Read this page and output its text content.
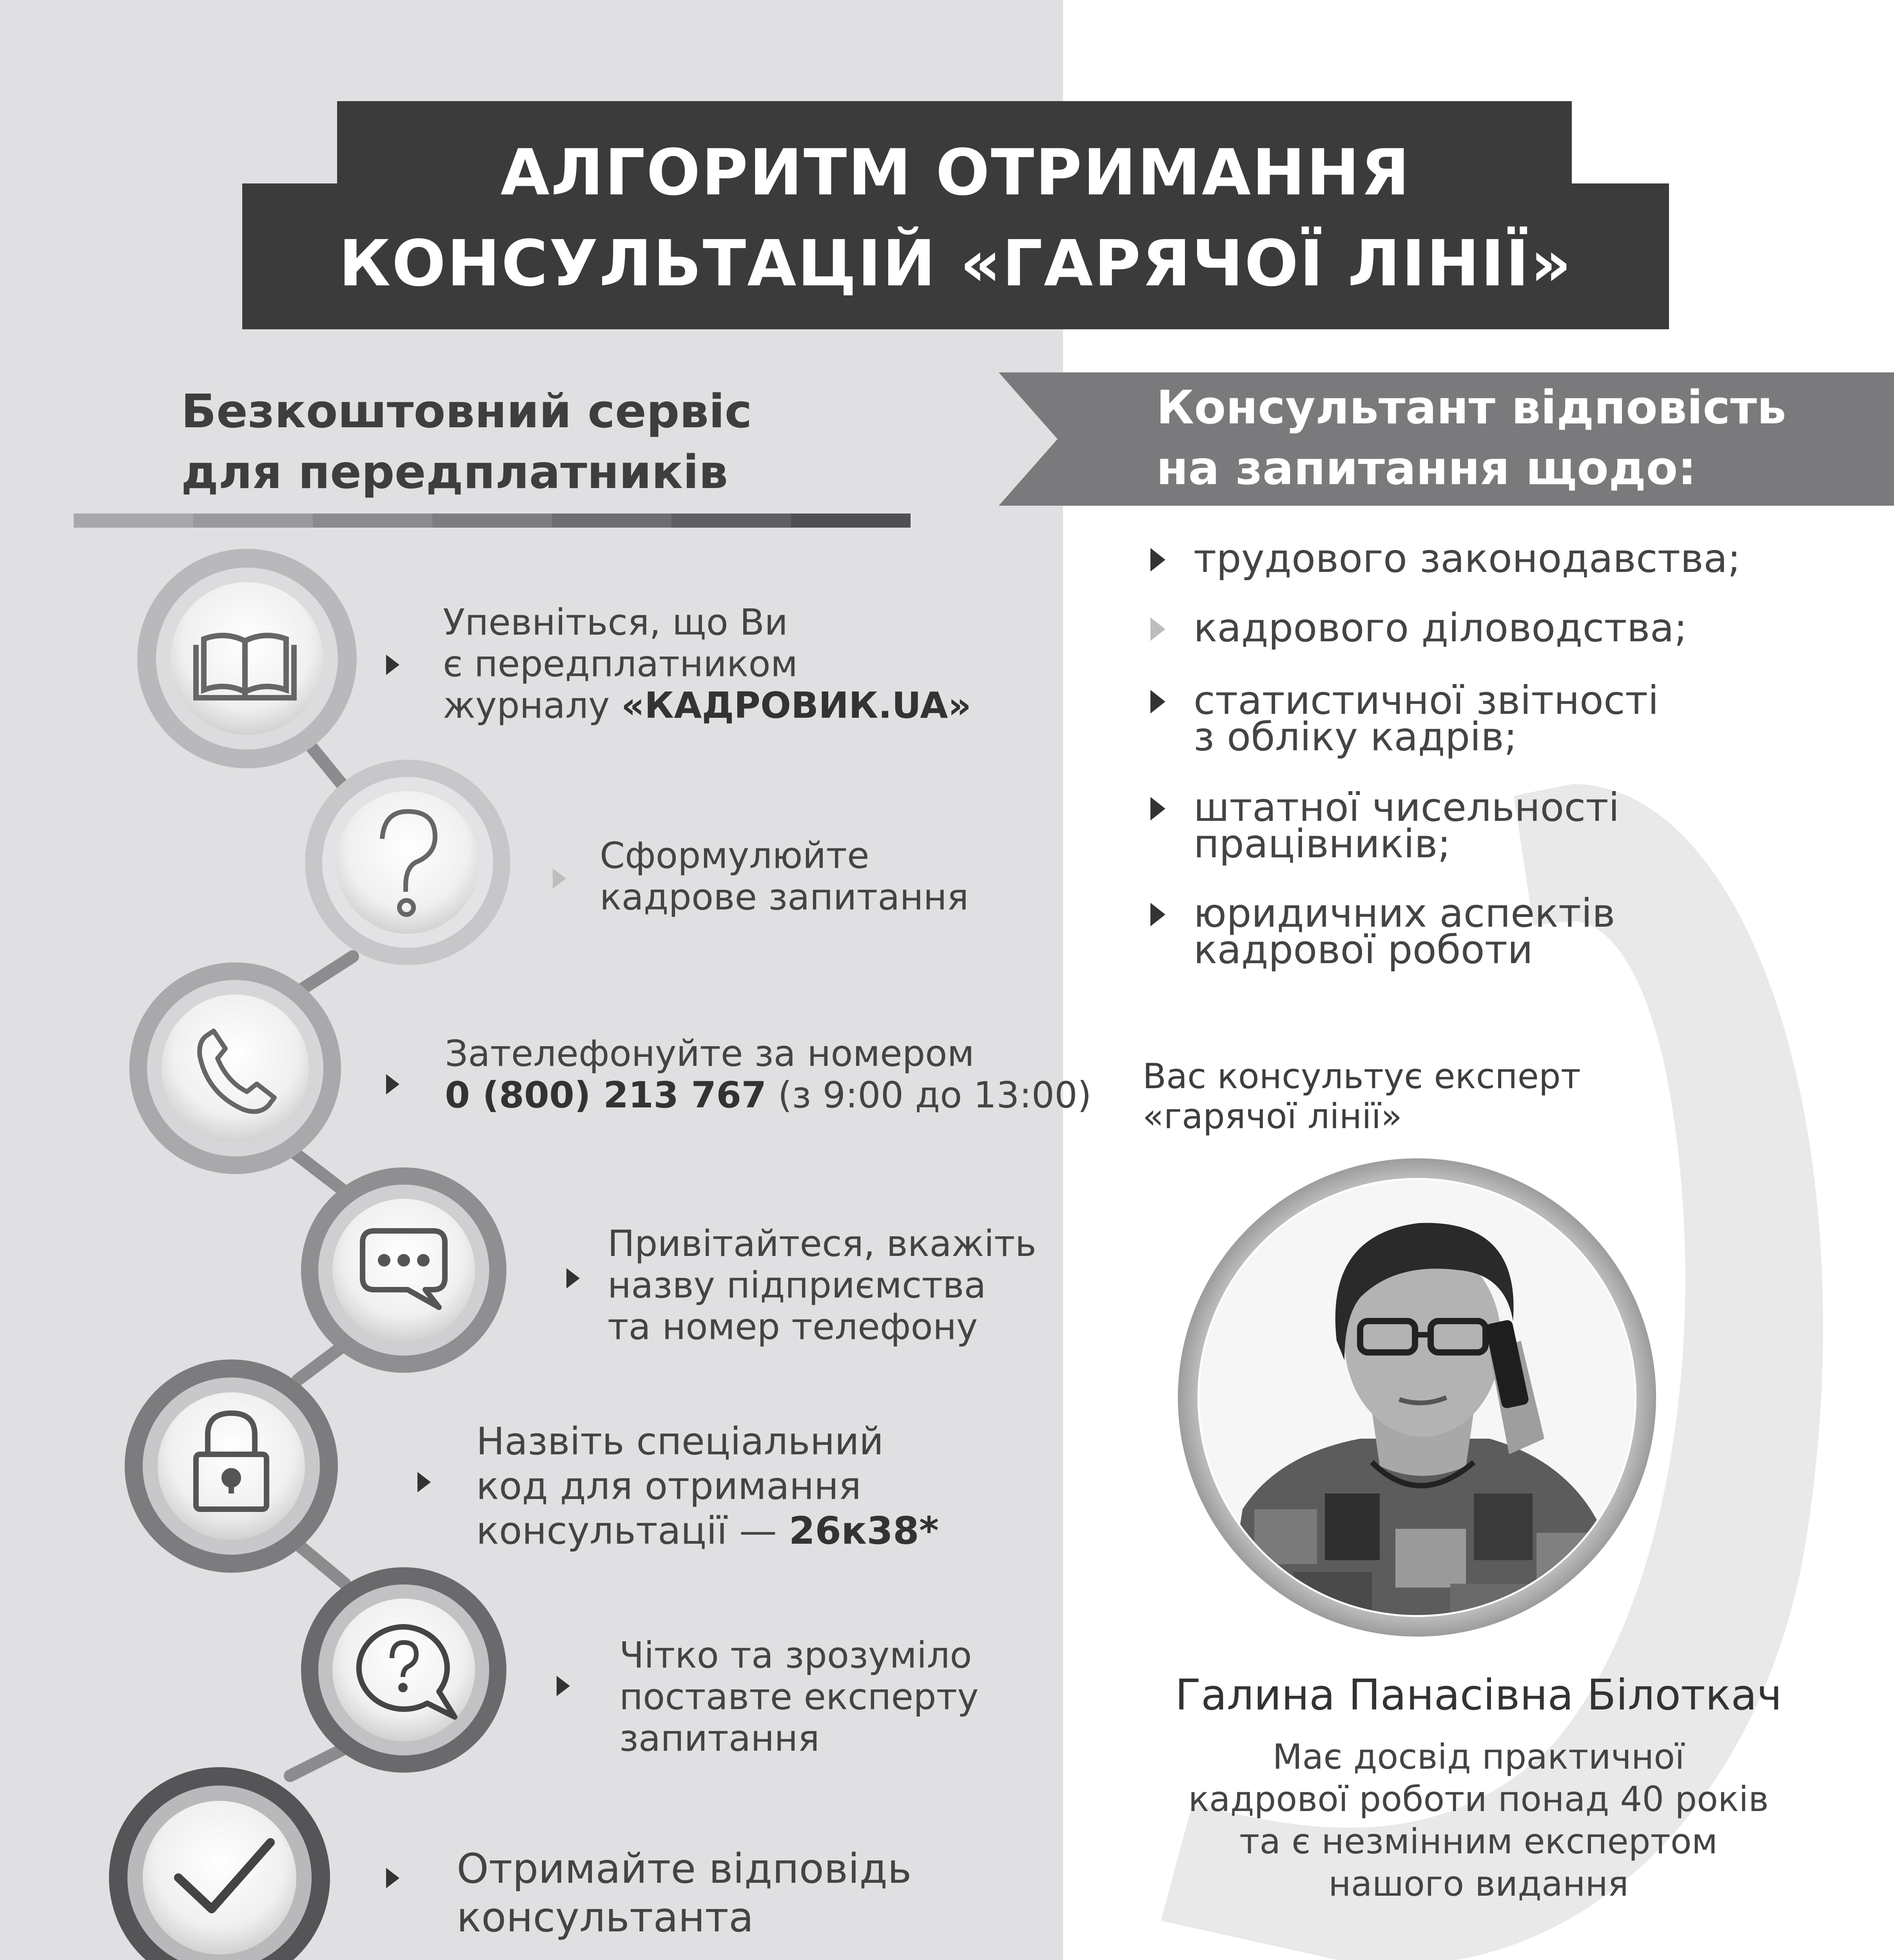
АЛГОРИТМ ОТРИМАННЯ
КОНСУЛЬТАЦІЙ «ГАРЯЧОЇ ЛІНІЇ»
Безкоштовний сервіс
для передплатників
Консультант відповість
на запитання щодо:
Упевніться, що Ви
є передплатником
журналу «КАДРОВИК.UA»
Сформулюйте
кадрове запитання
Зателефонуйте за номером
0 (800) 213 767 (з 9:00 до 13:00)
Привітайтеся, вкажіть
назву підприємства
та номер телефону
Назвіть спеціальний
код для отримання
консультації — 26к38*
Чітко та зрозуміло
поставте експерту
запитання
Отримайте відповідь
консультанта
трудового законодавства;
кадрового діловодства;
статистичної звітності
з обліку кадрів;
штатної чисельності
працівників;
юридичних аспектів
кадрової роботи
Вас консультує експерт
«гарячої лінії»
Галина Панасівна Білоткач
Має досвід практичної
кадрової роботи понад 40 років
та є незмінним експертом
нашого видання
